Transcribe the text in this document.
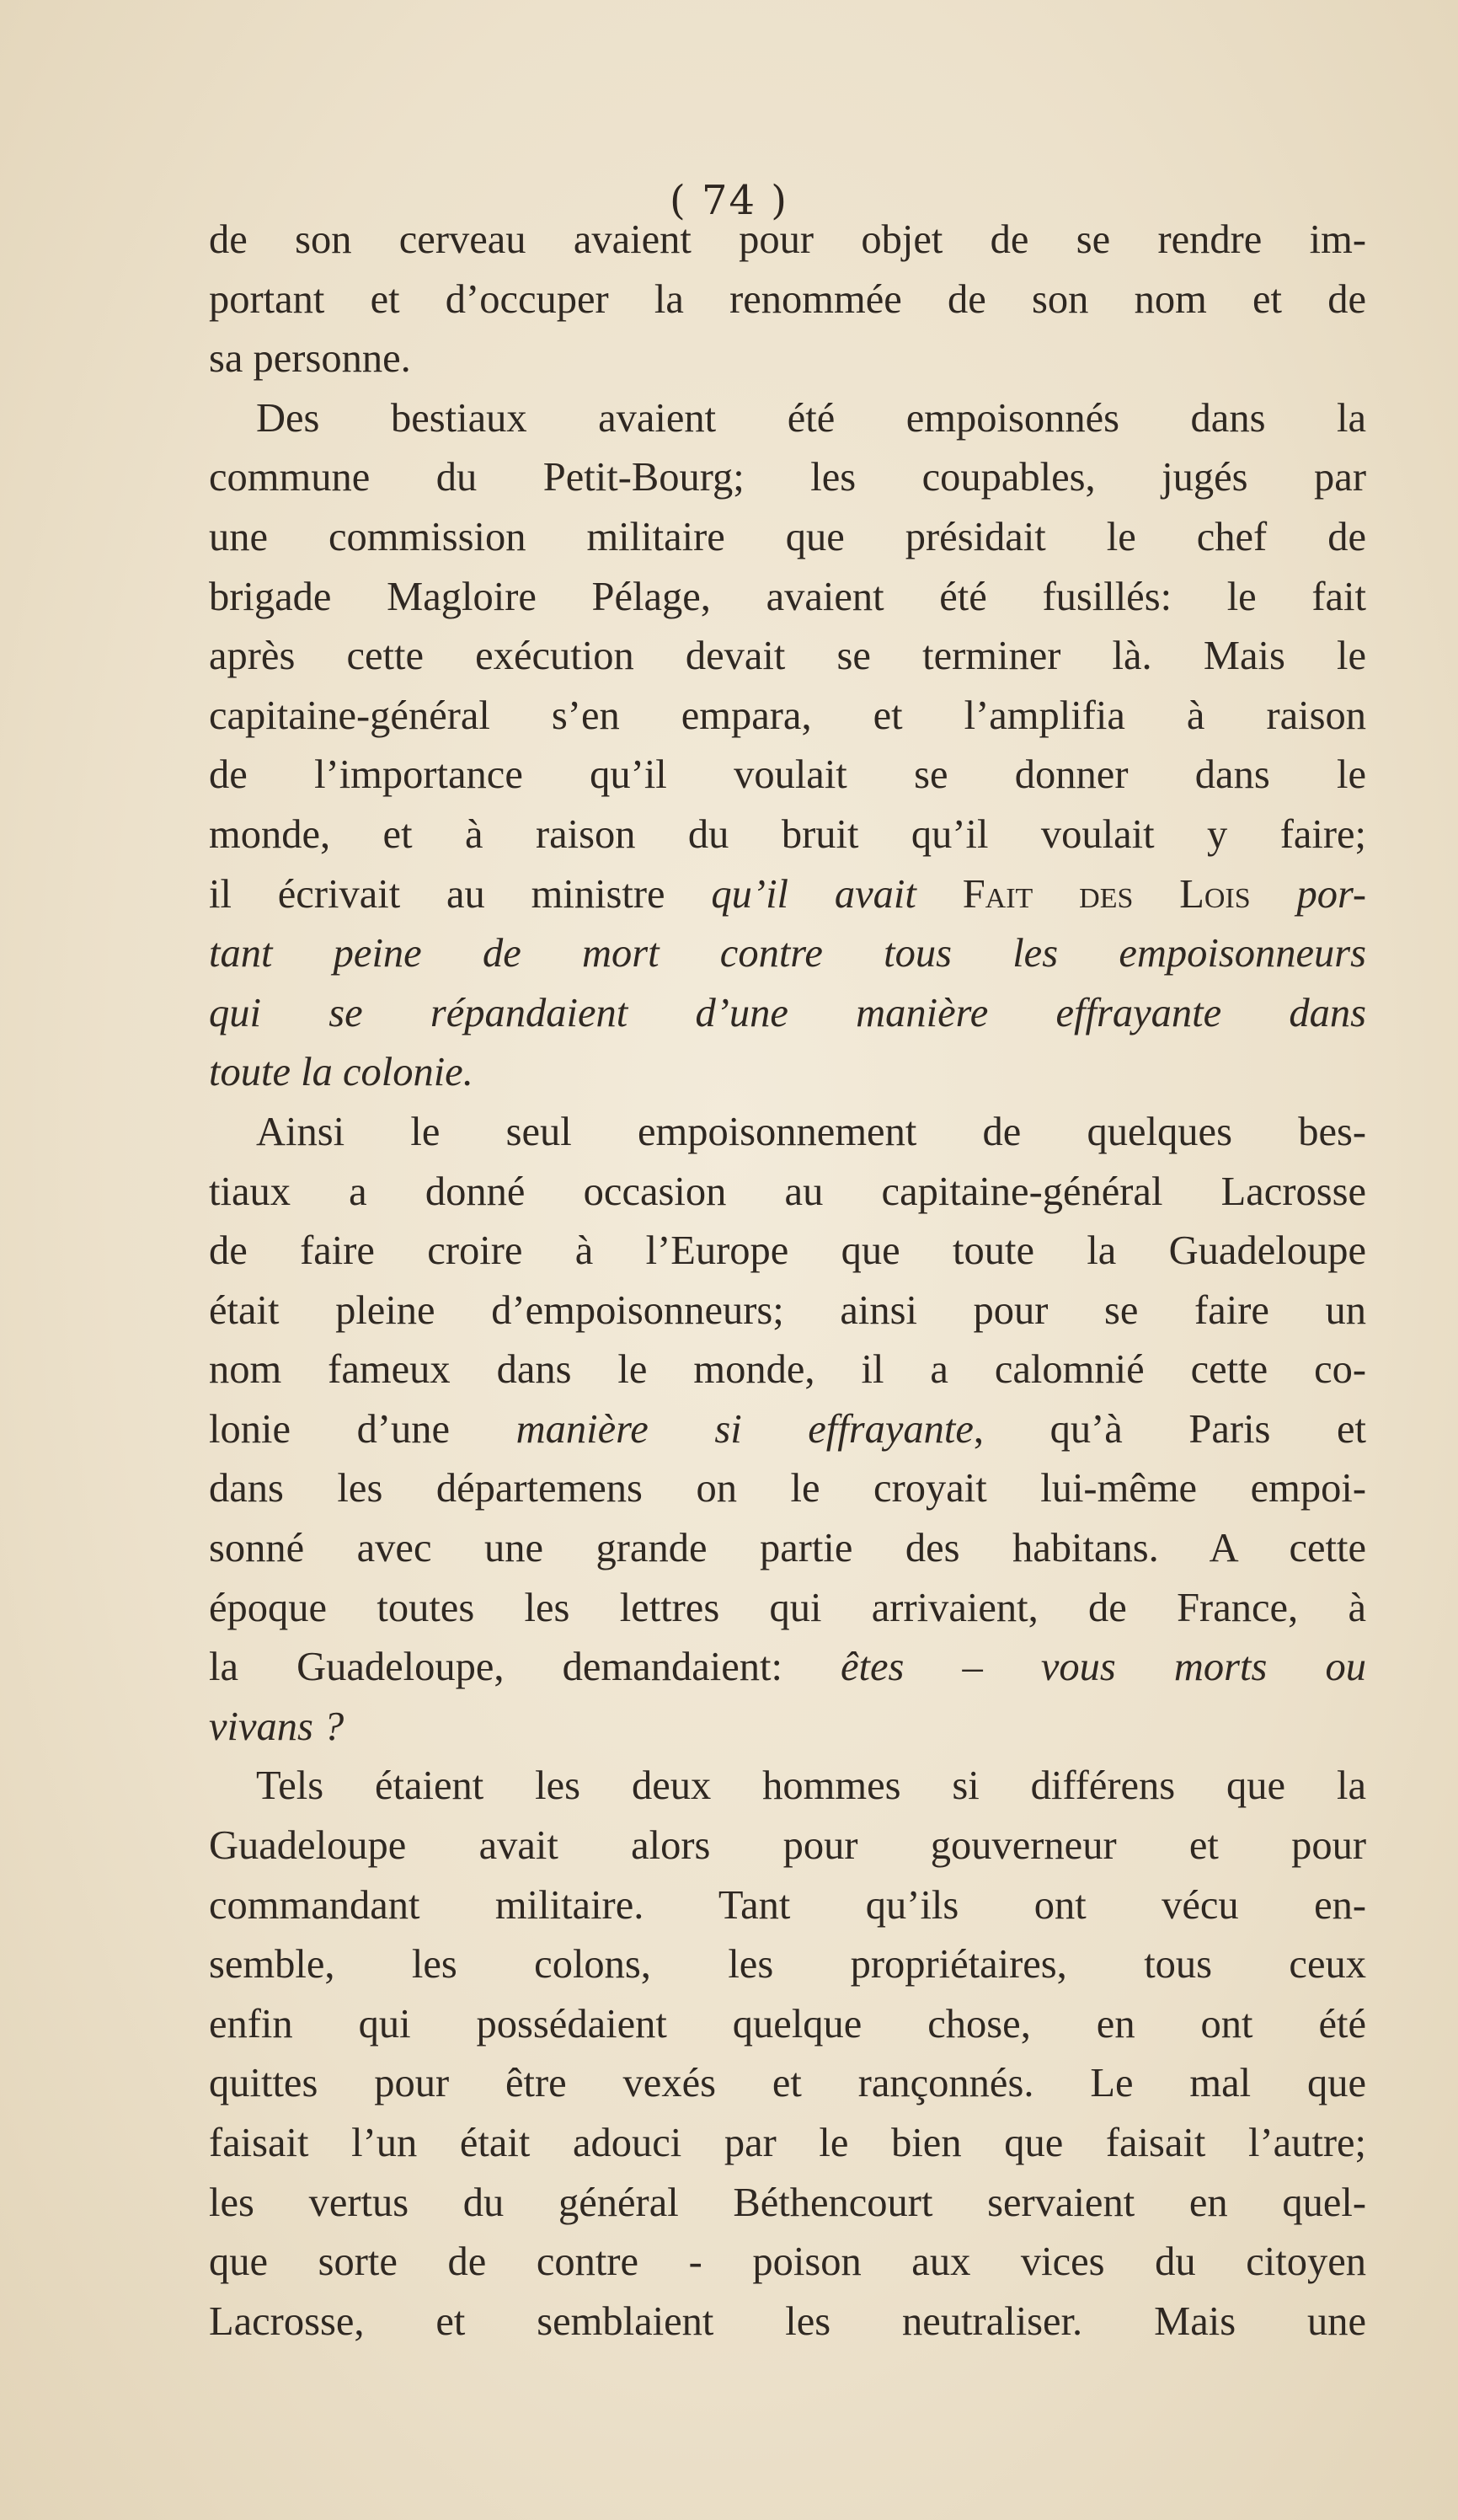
( 74 )
de son cerveau avaient pour objet de se rendre im-
portant et d’occuper la renommée de son nom et de
sa personne.
Des bestiaux avaient été empoisonnés dans la
commune du Petit-Bourg; les coupables, jugés par
une commission militaire que présidait le chef de
brigade Magloire Pélage, avaient été fusillés: le fait
après cette exécution devait se terminer là. Mais le
capitaine-général s’en empara, et l’amplifia à raison
de l’importance qu’il voulait se donner dans le
monde, et à raison du bruit qu’il voulait y faire;
il écrivait au ministre qu’il avait Fait des Lois por-
tant peine de mort contre tous les empoisonneurs
qui se répandaient d’une manière effrayante dans
toute la colonie.
Ainsi le seul empoisonnement de quelques bes-
tiaux a donné occasion au capitaine-général Lacrosse
de faire croire à l’Europe que toute la Guadeloupe
était pleine d’empoisonneurs; ainsi pour se faire un
nom fameux dans le monde, il a calomnié cette co-
lonie d’une manière si effrayante, qu’à Paris et
dans les départemens on le croyait lui-même empoi-
sonné avec une grande partie des habitans. A cette
époque toutes les lettres qui arrivaient, de France, à
la Guadeloupe, demandaient: êtes – vous morts ou
vivans ?
Tels étaient les deux hommes si différens que la
Guadeloupe avait alors pour gouverneur et pour
commandant militaire. Tant qu’ils ont vécu en-
semble, les colons, les propriétaires, tous ceux
enfin qui possédaient quelque chose, en ont été
quittes pour être vexés et rançonnés. Le mal que
faisait l’un était adouci par le bien que faisait l’autre;
les vertus du général Béthencourt servaient en quel-
que sorte de contre - poison aux vices du citoyen
Lacrosse, et semblaient les neutraliser. Mais une
